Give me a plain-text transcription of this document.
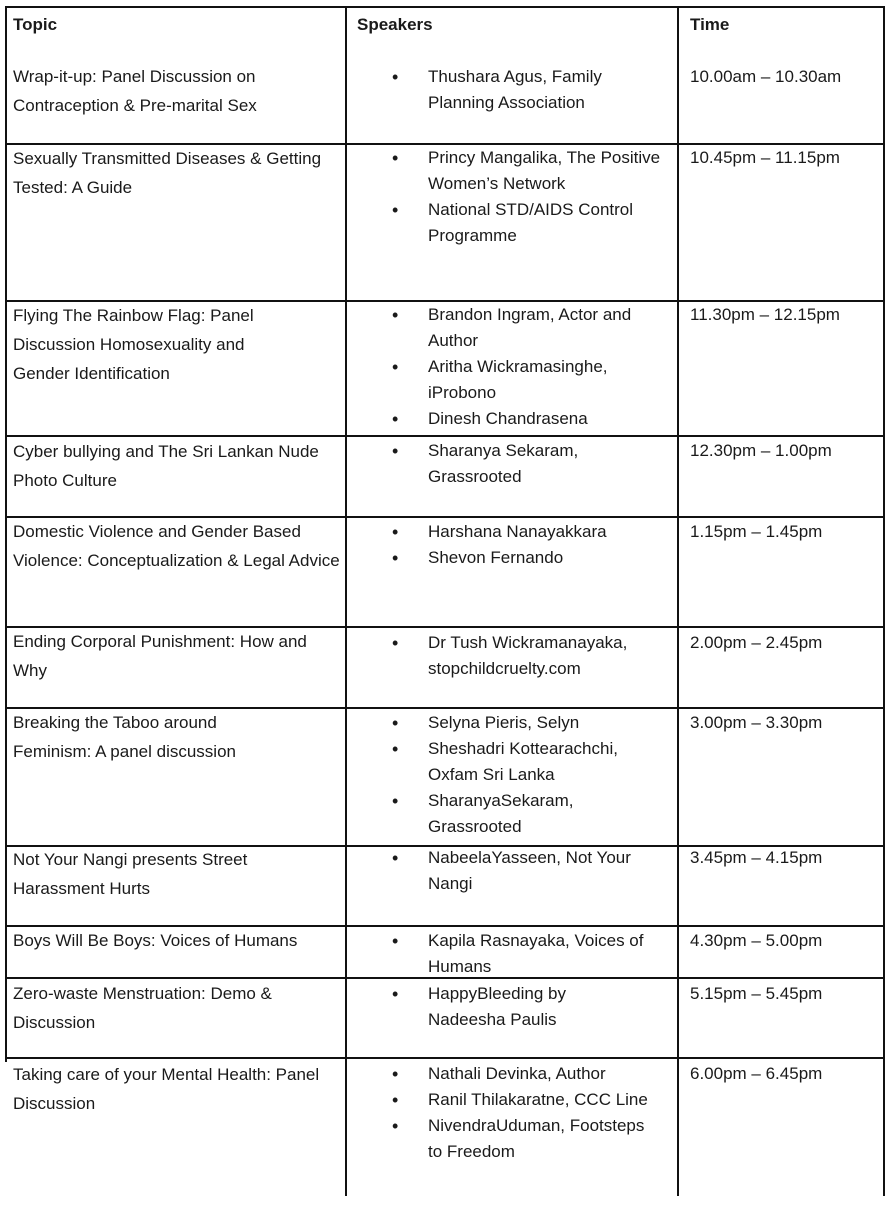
Topic	Speakers	Time
Wrap-it-up: Panel Discussion on Contraception & Pre-marital Sex
• Thushara Agus, Family Planning Association
10.00am – 10.30am
Sexually Transmitted Diseases & Getting Tested: A Guide
• Princy Mangalika, The Positive Women’s Network
• National STD/AIDS Control Programme
10.45pm – 11.15pm
Flying The Rainbow Flag: Panel Discussion Homosexuality and Gender Identification
• Brandon Ingram, Actor and Author
• Aritha Wickramasinghe, iProbono
• Dinesh Chandrasena
11.30pm – 12.15pm
Cyber bullying and The Sri Lankan Nude Photo Culture
• Sharanya Sekaram, Grassrooted
12.30pm – 1.00pm
Domestic Violence and Gender Based Violence: Conceptualization & Legal Advice
• Harshana Nanayakkara
• Shevon Fernando
1.15pm – 1.45pm
Ending Corporal Punishment: How and Why
• Dr Tush Wickramanayaka, stopchildcruelty.com
2.00pm – 2.45pm
Breaking the Taboo around Feminism: A panel discussion
• Selyna Pieris, Selyn
• Sheshadri Kottearachchi, Oxfam Sri Lanka
• SharanyaSekaram, Grassrooted
3.00pm – 3.30pm
Not Your Nangi presents Street Harassment Hurts
• NabeelaYasseen, Not Your Nangi
3.45pm – 4.15pm
Boys Will Be Boys: Voices of Humans
•	Kapila Rasnayaka, Voices of Humans
4.30pm – 5.00pm
Zero-waste Menstruation: Demo & Discussion
• HappyBleeding by Nadeesha Paulis
5.15pm – 5.45pm
Taking care of your Mental Health: Panel Discussion
• Nathali Devinka, Author
• Ranil Thilakaratne, CCC Line
• NivendraUduman, Footsteps to Freedom
6.00pm – 6.45pm
